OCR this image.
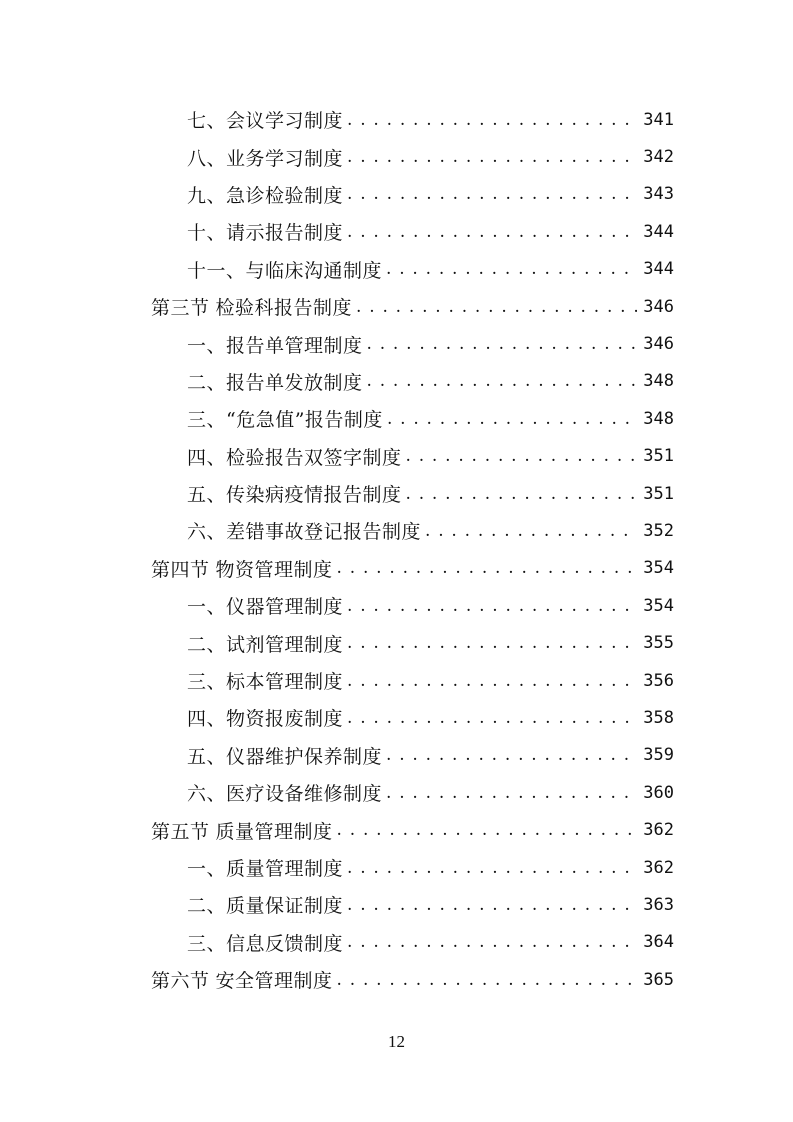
七、会议学习制度 . . .	341
八、业务学习制度 . . .	342
九、急诊检验制度 . . .	343
十、请示报告制度 . . .	344
十一、与临床沟通制度 . . .	344
第三节 检验科报告制度 . . .	346
一、报告单管理制度 . . .	346
二、报告单发放制度 . . .	348
三、“危急值”报告制度 . . .	348
四、检验报告双签字制度 . . .	351
五、传染病疫情报告制度 . . .	351
六、差错事故登记报告制度 . . .	352
第四节 物资管理制度 . . .	354
一、仪器管理制度 . . .	354
二、试剂管理制度 . . .	355
三、标本管理制度 . . .	356
四、物资报废制度 . . .	358
五、仪器维护保养制度 . . .	359
六、医疗设备维修制度 . . .	360
第五节 质量管理制度 . . .	362
一、质量管理制度 . . .	362
二、质量保证制度 . . .	363
三、信息反馈制度 . . .	364
第六节 安全管理制度 . . .	365
12
